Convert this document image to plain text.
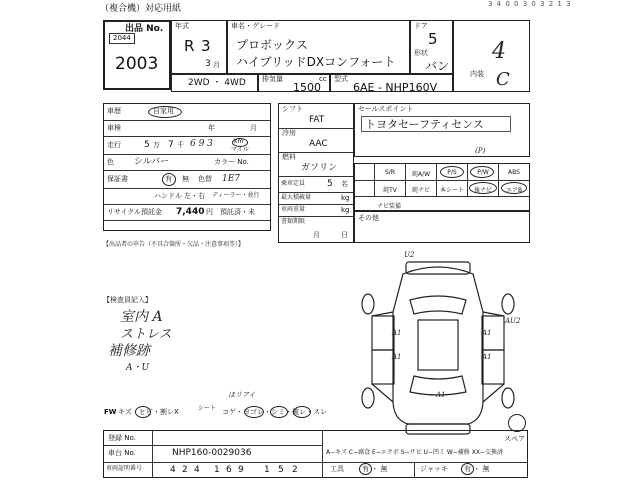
（複合機）対応用紙	3 4 0 0 3 0 3 2 1 3
出品 No.
2044
2003
年式
R 3
3 月
車名・グレード
プロボックス
ハイブリッドDXコンフォート
ドア
5
形状
バン
4
内装 C
2WD ・ 4WD 排気量	cc
1500
型式
6AE - NHP160V
車歴	自家用
車検	年	月
走行	5 万 7 千 6 9 3	km
マイル
色 シルバー	カラー No.
保証書	有 無 色替 1E7
ハンドル 左・右 ディーラー・並行
リサイクル預託金 7,440 円 預託済・未
【出品者の申告（不具合箇所・欠品・注意事項等）】
シフト
FAT
冷房
AAC
燃料
ガソリン
乗車定員 5 名
最大積載量	kg
車両重量	kg
書類期限
月	日
セールスポイント
トヨタセーフティセンス
(P)
S/R	純A/W	P/S	P/W	ABS
純TV	純ナビ	本シート	後ナビ	エアB
ナビ装備
その他
【検査員記入】
室内 A
ストレス
補修跡
A・U
U2
AU2
A1
A1
A1
A1
A1
ほリアイ
スペア
FW キズ・ヒビ・割レX	シート コゲ・ヨゴレ・シミ・破レ・スレ
登録 No.
車台 No.	NHP160-0029036
車両証明番号	4 2 4 1 6 9 1 5 2
A−キズ C−腐食 E−エクボ S−サビ U−凹ミ W−補修 XX−交換済
工具	有 ・ 無	ジャッキ 有 ・ 無
